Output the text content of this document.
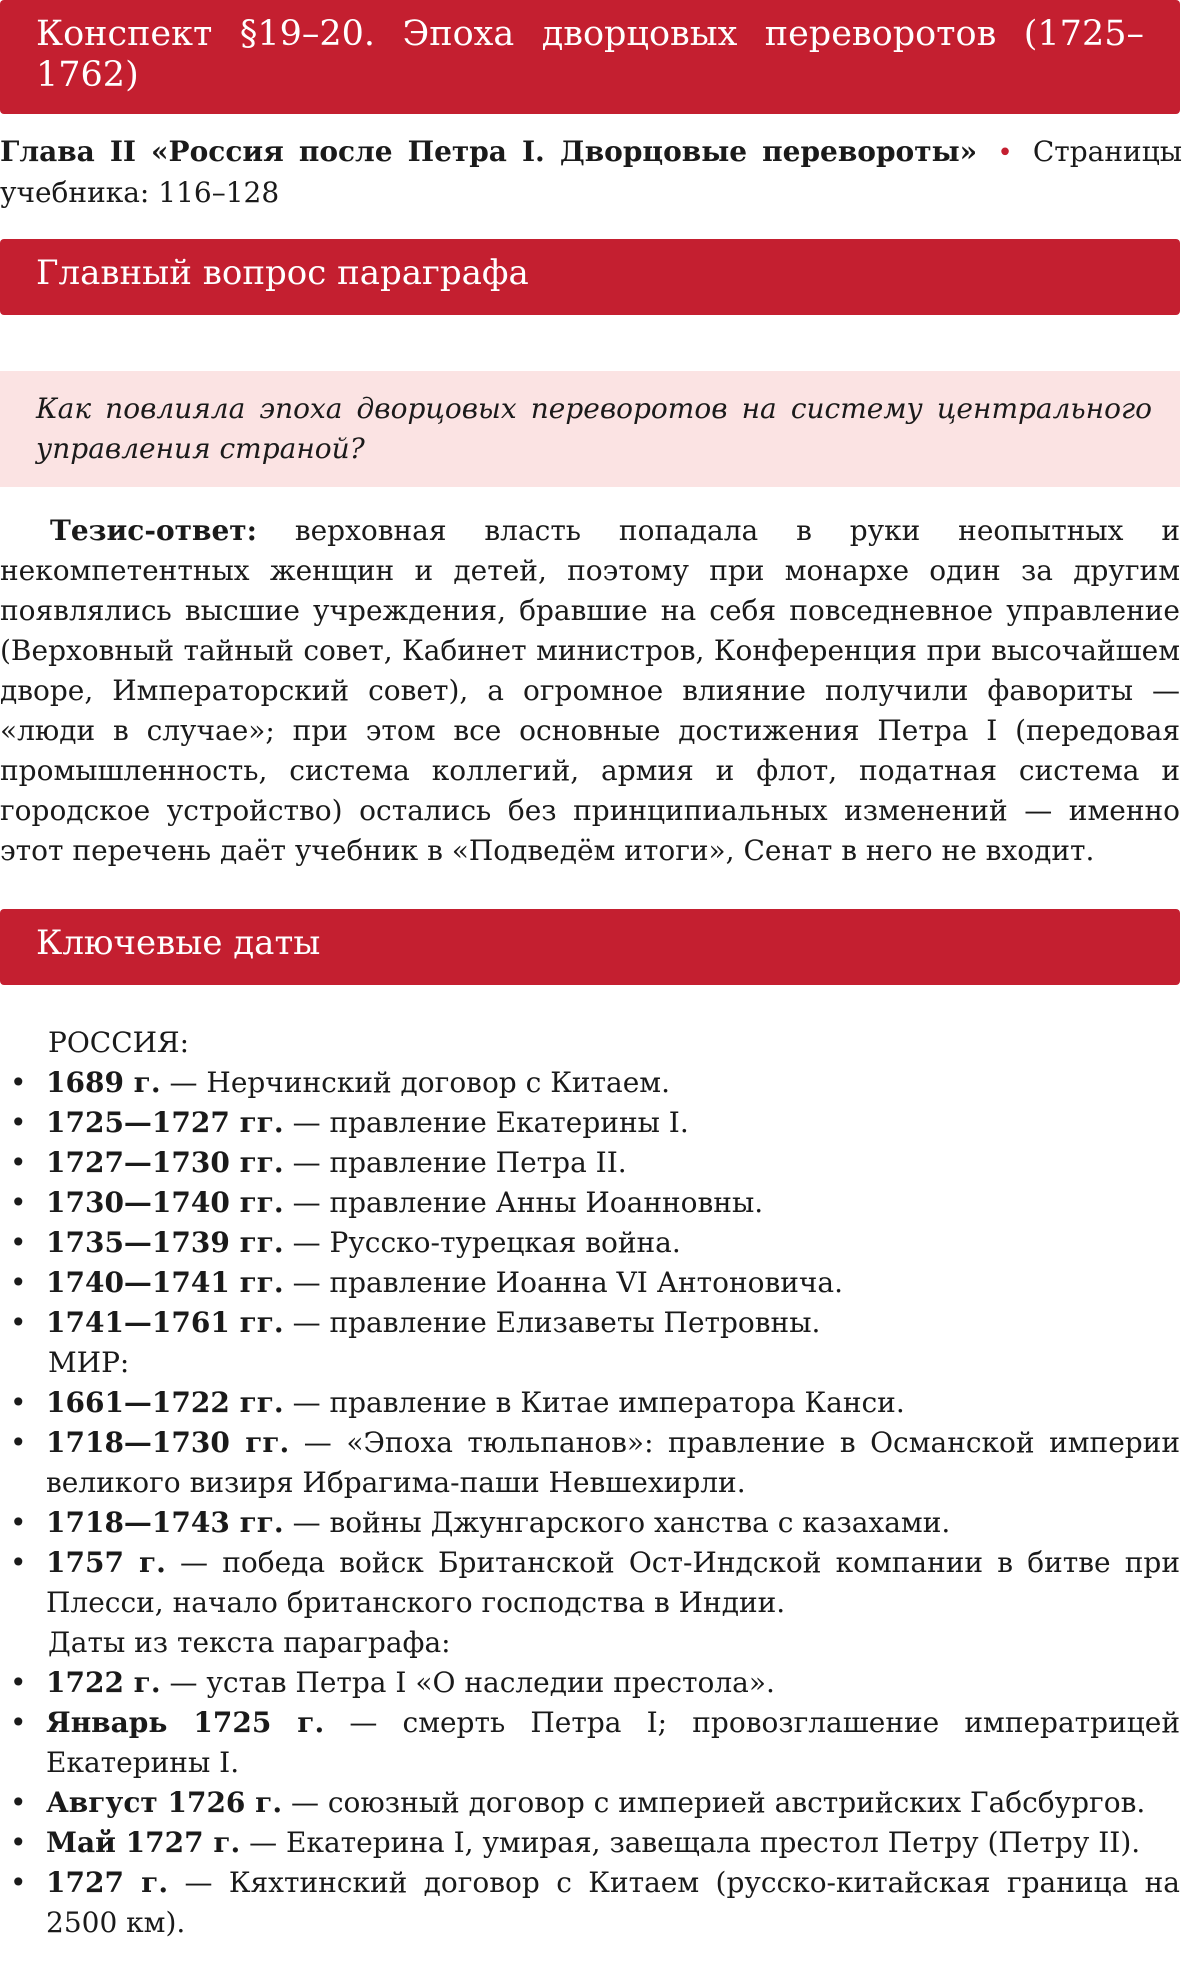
Конспект §19–20. Эпоха дворцовых переворотов (1725–1762)
Глава II «Россия после Петра I. Дворцовые перевороты» • Страницы учебника: 116–128
Главный вопрос параграфа
Как повлияла эпоха дворцовых переворотов на систему центрального управления страной?
Тезис-ответ: верховная власть попадала в руки неопытных и некомпетентных женщин и детей, поэтому при монархе один за другим появлялись высшие учреждения, бравшие на себя повседневное управление (Верховный тайный совет, Кабинет министров, Конференция при высочайшем дворе, Императорский совет), а огромное влияние получили фавориты — «люди в случае»; при этом все основные достижения Петра I (передовая промышленность, система коллегий, армия и флот, податная система и городское устройство) остались без принципиальных изменений — именно этот перечень даёт учебник в «Подведём итоги», Сенат в него не входит.
Ключевые даты
РОССИЯ:
• 1689 г. — Нерчинский договор с Китаем.
• 1725—1727 гг. — правление Екатерины I.
• 1727—1730 гг. — правление Петра II.
• 1730—1740 гг. — правление Анны Иоанновны.
• 1735—1739 гг. — Русско-турецкая война.
• 1740—1741 гг. — правление Иоанна VI Антоновича.
• 1741—1761 гг. — правление Елизаветы Петровны.
МИР:
• 1661—1722 гг. — правление в Китае императора Канси.
• 1718—1730 гг. — «Эпоха тюльпанов»: правление в Османской империи великого визиря Ибрагима-паши Невшехирли.
• 1718—1743 гг. — войны Джунгарского ханства с казахами.
• 1757 г. — победа войск Британской Ост-Индской компании в битве при Плесси, начало британского господства в Индии.
Даты из текста параграфа:
• 1722 г. — устав Петра I «О наследии престола».
• Январь 1725 г. — смерть Петра I; провозглашение императрицей Екатерины I.
• Август 1726 г. — союзный договор с империей австрийских Габсбургов.
• Май 1727 г. — Екатерина I, умирая, завещала престол Петру (Петру II).
• 1727 г. — Кяхтинский договор с Китаем (русско-китайская граница на 2500 км).
